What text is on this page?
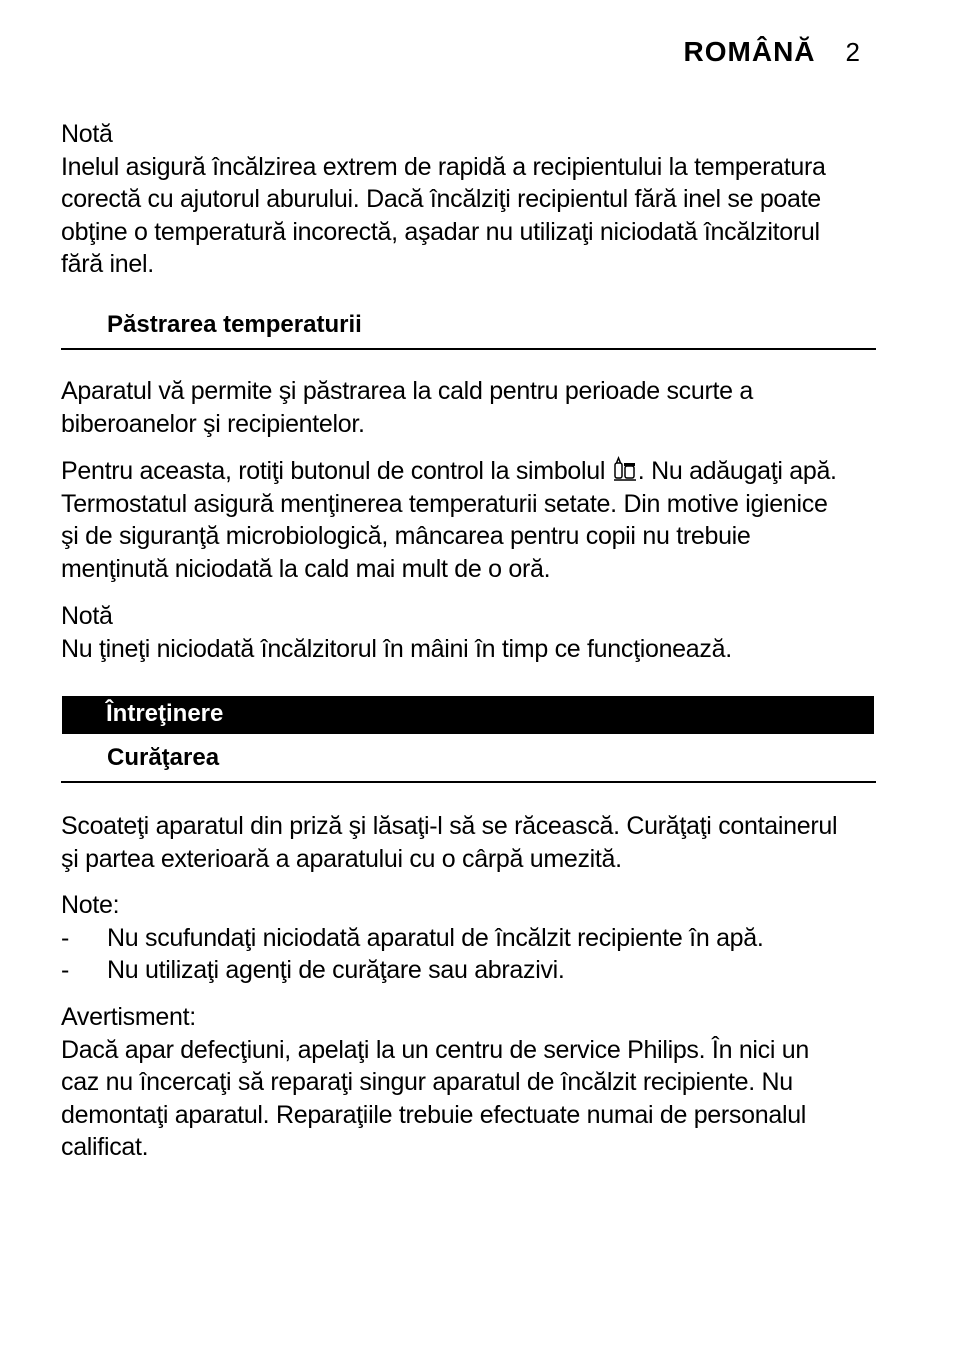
ROMÂNĂ 2
Notă
Inelul asigură încălzirea extrem de rapidă a recipientului la temperatura
corectă cu ajutorul aburului. Dacă încălziţi recipientul fără inel se poate
obţine o temperatură incorectă, aşadar nu utilizaţi niciodată încălzitorul
fără inel.
Păstrarea temperaturii
Aparatul vă permite şi păstrarea la cald pentru perioade scurte a
biberoanelor şi recipientelor.
Pentru aceasta, rotiţi butonul de control la simbolul . Nu adăugaţi apă.
Termostatul asigură menţinerea temperaturii setate. Din motive igienice
şi de siguranţă microbiologică, mâncarea pentru copii nu trebuie
menţinută niciodată la cald mai mult de o oră.
Notă
Nu ţineţi niciodată încălzitorul în mâini în timp ce funcţionează.
Întreţinere
Curăţarea
Scoateţi aparatul din priză şi lăsaţi-l să se răcească. Curăţaţi containerul
şi partea exterioară a aparatului cu o cârpă umezită.
Note:
- Nu scufundaţi niciodată aparatul de încălzit recipiente în apă.
- Nu utilizaţi agenţi de curăţare sau abrazivi.
Avertisment:
Dacă apar defecţiuni, apelaţi la un centru de service Philips. În nici un
caz nu încercaţi să reparaţi singur aparatul de încălzit recipiente. Nu
demontaţi aparatul. Reparaţiile trebuie efectuate numai de personalul
calificat.
